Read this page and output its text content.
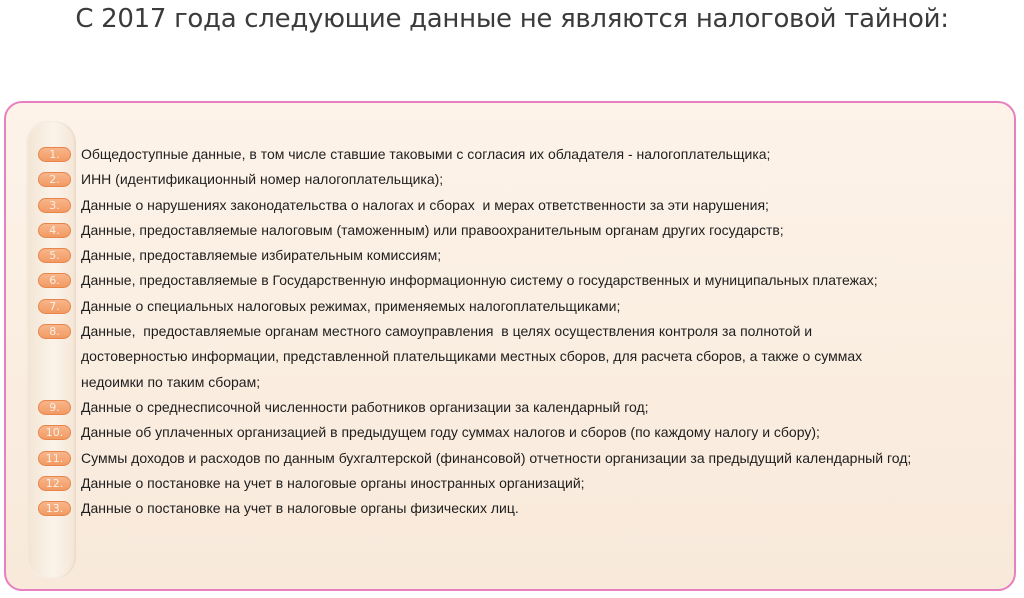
С 2017 года следующие данные не являются налоговой тайной:
1.	Общедоступные данные, в том числе ставшие таковыми с согласия их обладателя - налогоплательщика;
2.	ИНН (идентификационный номер налогоплательщика);
3.	Данные о нарушениях законодательства о налогах и сборах  и мерах ответственности за эти нарушения;
4.	Данные, предоставляемые налоговым (таможенным) или правоохранительным органам других государств;
5.	Данные, предоставляемые избирательным комиссиям;
6.	Данные, предоставляемые в Государственную информационную систему о государственных и муниципальных платежах;
7.	Данные о специальных налоговых режимах, применяемых налогоплательщиками;
8.	Данные,  предоставляемые органам местного самоуправления  в целях осуществления контроля за полнотой и
достоверностью информации, представленной плательщиками местных сборов, для расчета сборов, а также о суммах
недоимки по таким сборам;
9.	Данные о среднесписочной численности работников организации за календарный год;
10.	Данные об уплаченных организацией в предыдущем году суммах налогов и сборов (по каждому налогу и сбору);
11.	Суммы доходов и расходов по данным бухгалтерской (финансовой) отчетности организации за предыдущий календарный год;
12.	Данные о постановке на учет в налоговые органы иностранных организаций;
13.	Данные о постановке на учет в налоговые органы физических лиц.
